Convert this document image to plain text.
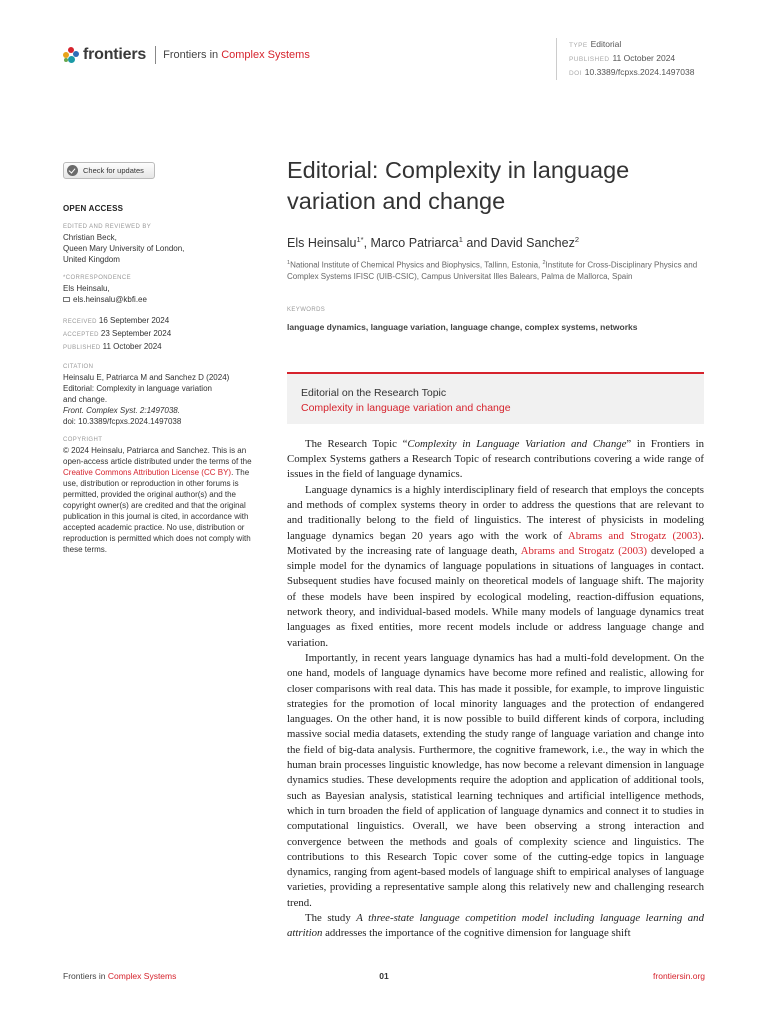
frontiers Frontiers in Complex Systems
TYPE Editorial
PUBLISHED 11 October 2024
DOI 10.3389/fcpxs.2024.1497038
Check for updates
OPEN ACCESS
EDITED AND REVIEWED BY
Christian Beck,
Queen Mary University of London,
United Kingdom
*CORRESPONDENCE
Els Heinsalu,
els.heinsalu@kbfi.ee
RECEIVED 16 September 2024
ACCEPTED 23 September 2024
PUBLISHED 11 October 2024
CITATION
Heinsalu E, Patriarca M and Sanchez D (2024)
Editorial: Complexity in language variation
and change.
Front. Complex Syst. 2:1497038.
doi: 10.3389/fcpxs.2024.1497038
COPYRIGHT
© 2024 Heinsalu, Patriarca and Sanchez. This is an open-access article distributed under the terms of the Creative Commons Attribution License (CC BY). The use, distribution or reproduction in other forums is permitted, provided the original author(s) and the copyright owner(s) are credited and that the original publication in this journal is cited, in accordance with accepted academic practice. No use, distribution or reproduction is permitted which does not comply with these terms.
Editorial: Complexity in language variation and change
Els Heinsalu$^{1*}$, Marco Patriarca$^1$ and David Sanchez$^2$
$^1$National Institute of Chemical Physics and Biophysics, Tallinn, Estonia, $^2$Institute for Cross-Disciplinary Physics and Complex Systems IFISC (UIB-CSIC), Campus Universitat Illes Balears, Palma de Mallorca, Spain
KEYWORDS
language dynamics, language variation, language change, complex systems, networks
Editorial on the Research Topic
Complexity in language variation and change

The Research Topic “Complexity in Language Variation and Change” in Frontiers in Complex Systems gathers a Research Topic of research contributions covering a wide range of issues in the field of language dynamics.

Language dynamics is a highly interdisciplinary field of research that employs the concepts and methods of complex systems theory in order to address the questions that are relevant to and traditionally belong to the field of linguistics. The interest of physicists in modeling language dynamics began 20 years ago with the work of Abrams and Strogatz (2003). Motivated by the increasing rate of language death, Abrams and Strogatz (2003) developed a simple model for the dynamics of language populations in situations of languages in contact. Subsequent studies have focused mainly on theoretical models of language shift. The majority of these models have been inspired by ecological modeling, reaction-diffusion equations, network theory, and individual-based models. While many models of language dynamics treat languages as fixed entities, more recent models include or address language change and variation.

Importantly, in recent years language dynamics has had a multi-fold development. On the one hand, models of language dynamics have become more refined and realistic, allowing for closer comparisons with real data. This has made it possible, for example, to improve linguistic strategies for the promotion of local minority languages and the protection of endangered languages. On the other hand, it is now possible to build different kinds of corpora, including massive social media datasets, extending the study range of language variation and change into the field of big-data analysis. Furthermore, the cognitive framework, i.e., the way in which the human brain processes linguistic knowledge, has now become a relevant dimension in language dynamics studies. These developments require the adoption and application of additional tools, such as Bayesian analysis, statistical learning techniques and artificial intelligence methods, which in turn broaden the field of application of language dynamics and connect it to studies in computational linguistics. Overall, we have been observing a strong interaction and convergence between the methods and goals of complexity science and linguistics. The contributions to this Research Topic cover some of the cutting-edge topics in language dynamics, ranging from agent-based models of language shift to empirical analyses of language varieties, providing a representative sample along this relatively new and challenging research trend.

The study A three-state language competition model including language learning and attrition addresses the importance of the cognitive dimension for language shift

Frontiers in Complex Systems	01	frontiersin.org
